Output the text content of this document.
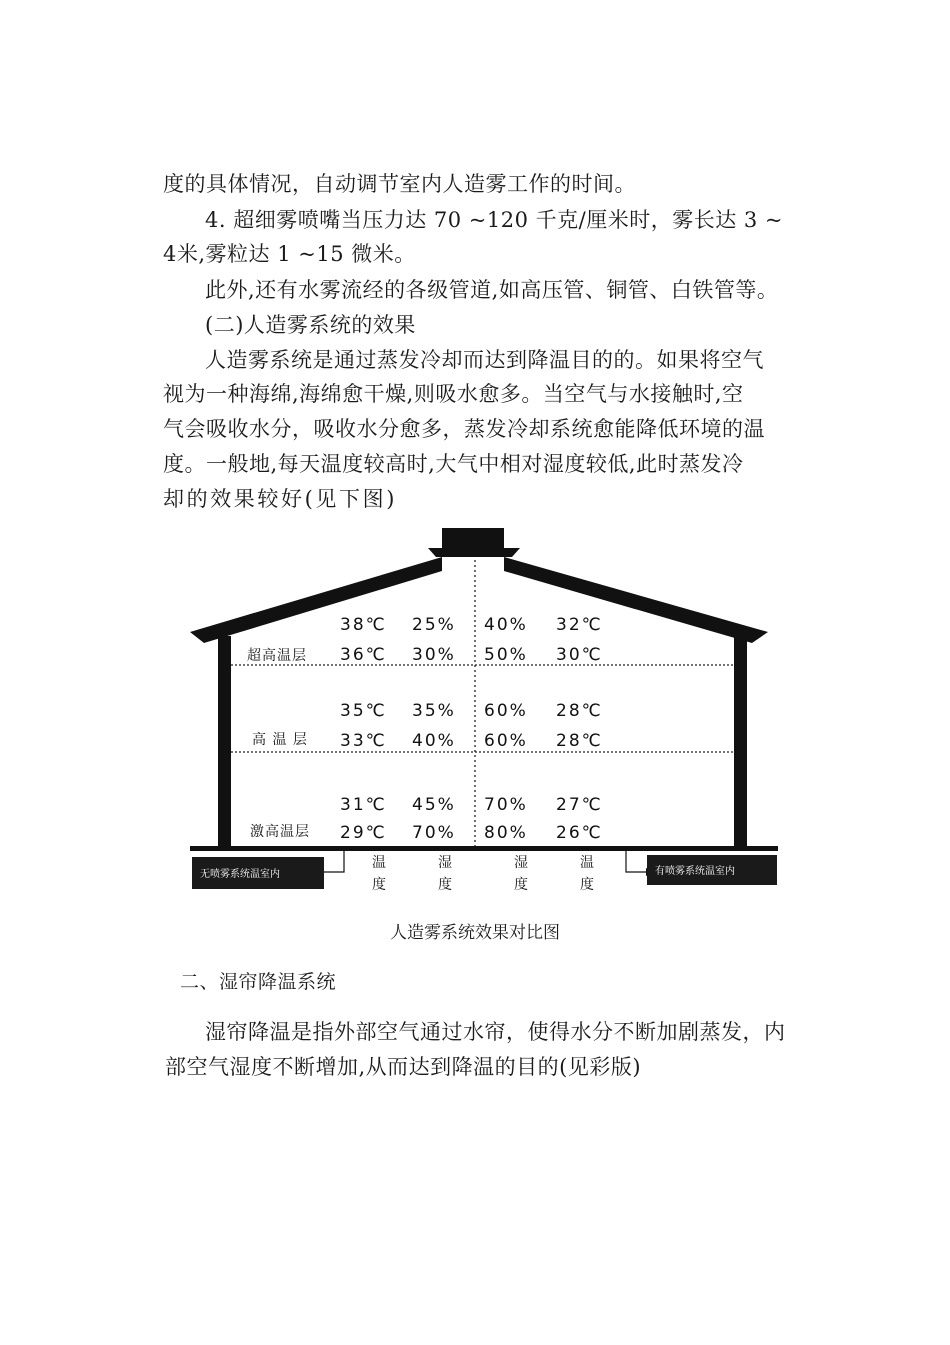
度的具体情况，自动调节室内人造雾工作的时间。
4. 超细雾喷嘴当压力达 70 ~120 千克/厘米时，雾长达 3 ~
4米,雾粒达 1 ~15 微米。
此外,还有水雾流经的各级管道,如高压管、铜管、白铁管等。
(二)人造雾系统的效果
人造雾系统是通过蒸发冷却而达到降温目的的。如果将空气
视为一种海绵,海绵愈干燥,则吸水愈多。当空气与水接触时,空
气会吸收水分，吸收水分愈多，蒸发冷却系统愈能降低环境的温
度。一般地,每天温度较高时,大气中相对湿度较低,此时蒸发冷
却的效果较好(见下图)
38℃ 25% 40% 32℃
超高温层 36℃ 30% 50% 30℃
35℃ 35% 60% 28℃
高 温 层 33℃ 40% 60% 28℃
31℃ 45% 70% 27℃
激高温层 29℃ 70% 80% 26℃
温
度
湿
度
湿
度
温
度
无喷雾系统温室内	有喷雾系统温室内
人造雾系统效果对比图
二、湿帘降温系统
湿帘降温是指外部空气通过水帘，使得水分不断加剧蒸发，内
部空气湿度不断增加,从而达到降温的目的(见彩版)
